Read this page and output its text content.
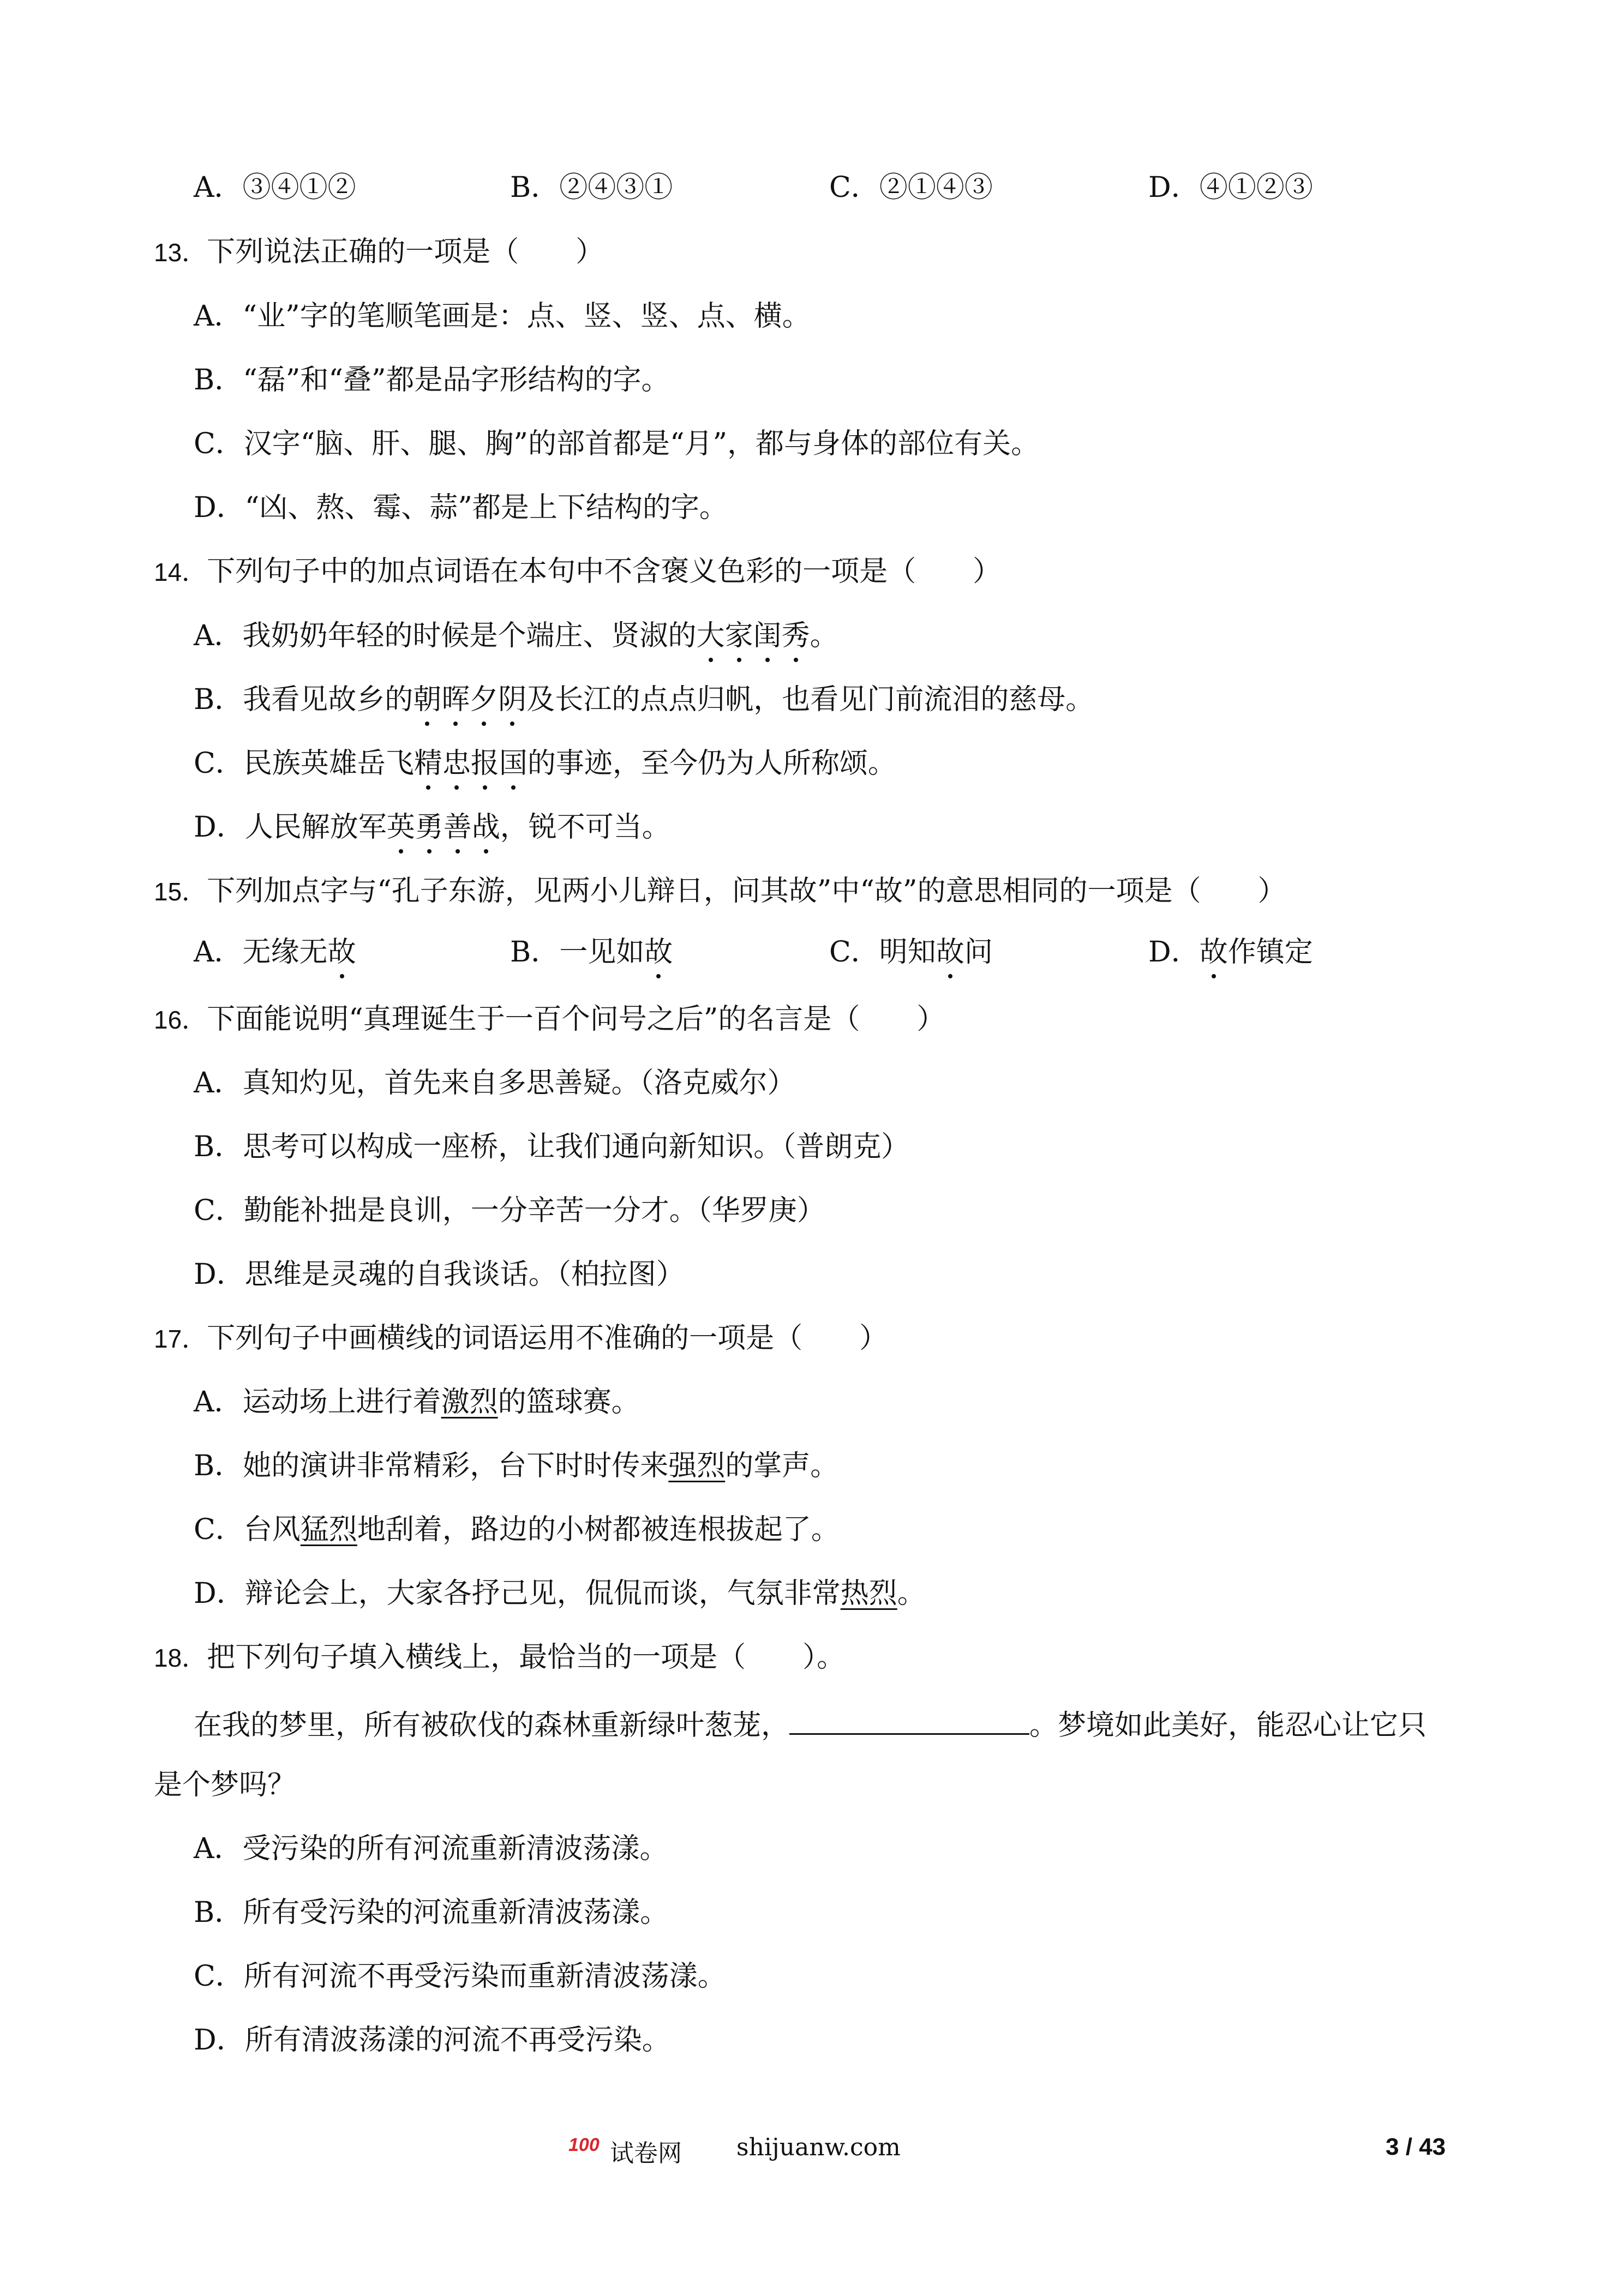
A．③④①②	B．②④③①	C．②①④③	D．④①②③
13．下列说法正确的一项是（　　）
A．“业”字的笔顺笔画是：点、竖、竖、点、横。
B．“磊”和“叠”都是品字形结构的字。
C．汉字“脑、肝、腿、胸”的部首都是“月”，都与身体的部位有关。
D．“凶、熬、霉、蒜”都是上下结构的字。
14．下列句子中的加点词语在本句中不含褒义色彩的一项是（　　）
A．我奶奶年轻的时候是个端庄、贤淑的大家闺秀。
B．我看见故乡的朝晖夕阴及长江的点点归帆，也看见门前流泪的慈母。
C．民族英雄岳飞精忠报国的事迹，至今仍为人所称颂。
D．人民解放军英勇善战，锐不可当。
15．下列加点字与“孔子东游，见两小儿辩日，问其故”中“故”的意思相同的一项是（　　）
A．无缘无故	B．一见如故	C．明知故问	D．故作镇定
16．下面能说明“真理诞生于一百个问号之后”的名言是（　　）
A．真知灼见，首先来自多思善疑。（洛克威尔）
B．思考可以构成一座桥，让我们通向新知识。（普朗克）
C．勤能补拙是良训，一分辛苦一分才。（华罗庚）
D．思维是灵魂的自我谈话。（柏拉图）
17．下列句子中画横线的词语运用不准确的一项是（　　）
A．运动场上进行着激烈的篮球赛。
B．她的演讲非常精彩，台下时时传来强烈的掌声。
C．台风猛烈地刮着，路边的小树都被连根拔起了。
D．辩论会上，大家各抒己见，侃侃而谈，气氛非常热烈。
18．把下列句子填入横线上，最恰当的一项是（　　）。
在我的梦里，所有被砍伐的森林重新绿叶葱茏，	。梦境如此美好，能忍心让它只
是个梦吗？
A．受污染的所有河流重新清波荡漾。
B．所有受污染的河流重新清波荡漾。
C．所有河流不再受污染而重新清波荡漾。
D．所有清波荡漾的河流不再受污染。
100 试卷网 shijuanw.com	3 / 43
